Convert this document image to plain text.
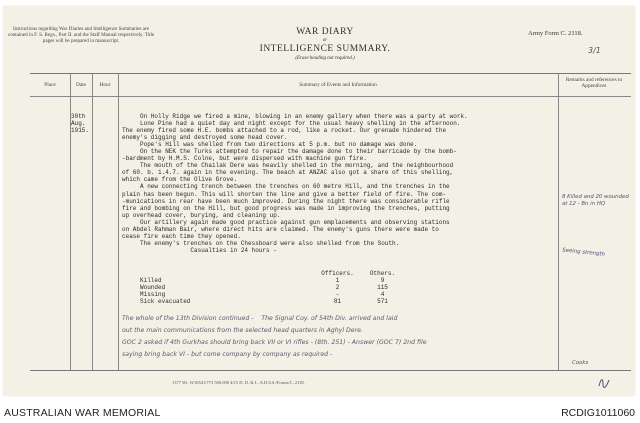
Instructions regarding War Diaries and Intelligence Summaries are contained in F. S. Regs., Part II. and the Staff Manual respectively. Title pages will be prepared in manuscript.
WAR DIARY
or
INTELLIGENCE SUMMARY.
(Erase heading not required.)
Army Form C. 2118.
3/1
Place	Date	Hour	Summary of Events and Information
Remarks and references to Appendices
30th
Aug.
1915.
On Holly Ridge we fired a mine, blowing in an enemy gallery when there was a party at work.
Lone Pine had a quiet day and night except for the usual heavy shelling in the afternoon.
The enemy fired some H.E. bombs attached to a rod, like a rocket. Our grenade hindered the
enemy's digging and destroyed some head cover.
Pope's Hill was shelled from two directions at 5 p.m. but no damage was done.
On the NEK the Turks attempted to repair the damage done to their barricade by the bomb-
-bardment by H.M.S. Colne, but were dispersed with machine gun fire.
The mouth of the Chailak Dere was heavily shelled in the morning, and the neighbourhood
of 60. b. 1.4.7. again in the evening. The beach at ANZAC also got a share of this shelling,
which came from the Olive Grove.
A new connecting trench between the trenches on 60 metre Hill, and the trenches in the
plain has been begun. This will shorten the line and give a better field of fire. The com-
-munications in rear have been much improved. During the night there was considerable rifle
fire and bombing on the Hill, but good progress was made in improving the trenches, putting
up overhead cover, burying, and cleaning up.
Our artillery again made good practice against gun emplacements and observing stations
on Abdel Rahman Bair, where direct hits are claimed. The enemy's guns there were made to
cease fire each time they opened.
The enemy's trenches on the Chessboard were also shelled from the South.
Casualties in 24 hours -
	Officers.	Others.
Killed	1	9
Wounded	2	115
Missing	-	4
Sick evacuated	81	571
The whole of the 13th Division continued -    The Signal Coy. of 54th Div. arrived and laid
out the main communications from the selected head quarters in Aghyl Dere.
GOC 2 asked if 4th Gurkhas should bring back VII or VI rifles - (8th. 251) - Answer (GOC 7) 2nd file
saying bring back VI - but come company by company as required -
8 Killed and 20 wounded at 12 - Bn in HQ
Seeing strength
Cooks
1377 Wt. W10541/773 500,000 4/15 D. D. & L. A.D.S.S./Forms/C. 2118.
AUSTRALIAN WAR MEMORIAL	RCDIG1011060
